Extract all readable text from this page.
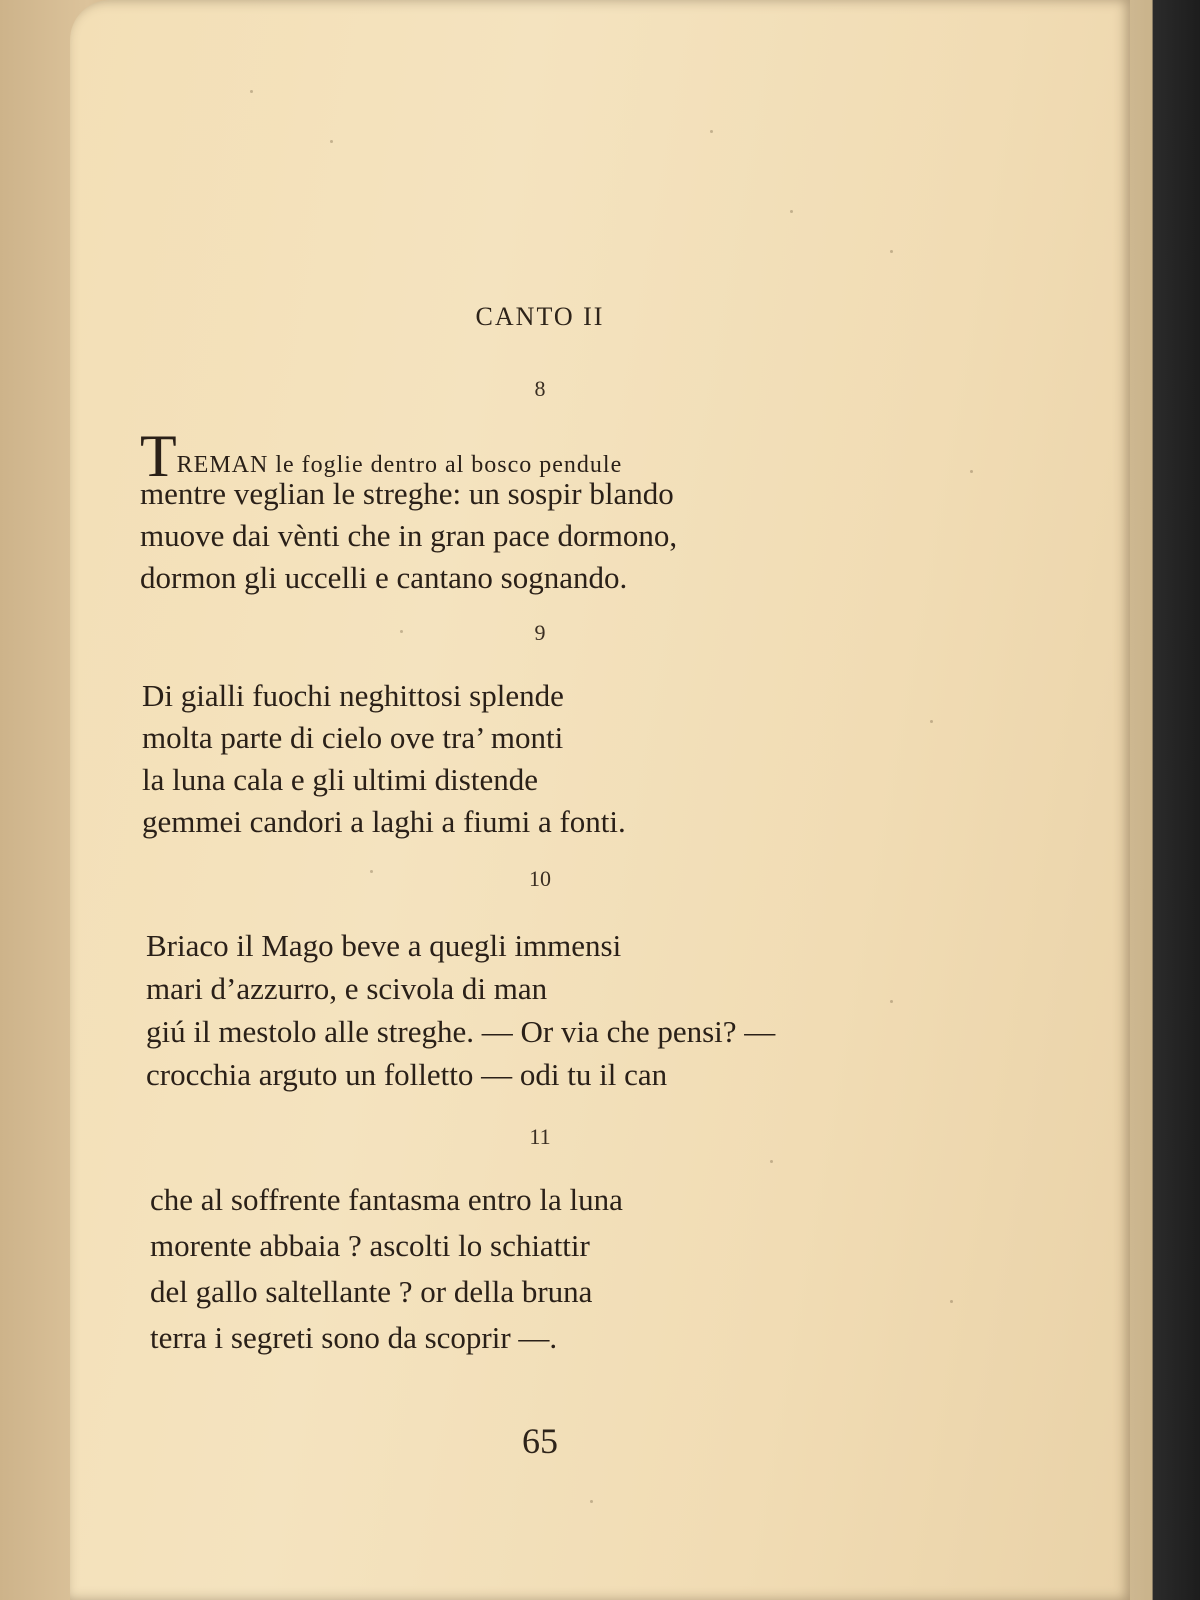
CANTO II
8
TREMAN le foglie dentro al bosco pendule
mentre veglian le streghe: un sospir blando
muove dai vènti che in gran pace dormono,
dormon gli uccelli e cantano sognando.
9
Di gialli fuochi neghittosi splende
molta parte di cielo ove tra’ monti
la luna cala e gli ultimi distende
gemmei candori a laghi a fiumi a fonti.
10
Briaco il Mago beve a quegli immensi
mari d’azzurro, e scivola di man
giú il mestolo alle streghe. — Or via che pensi? —
crocchia arguto un folletto — odi tu il can
11
che al soffrente fantasma entro la luna
morente abbaia ? ascolti lo schiattir
del gallo saltellante ? or della bruna
terra i segreti sono da scoprir —.
65
